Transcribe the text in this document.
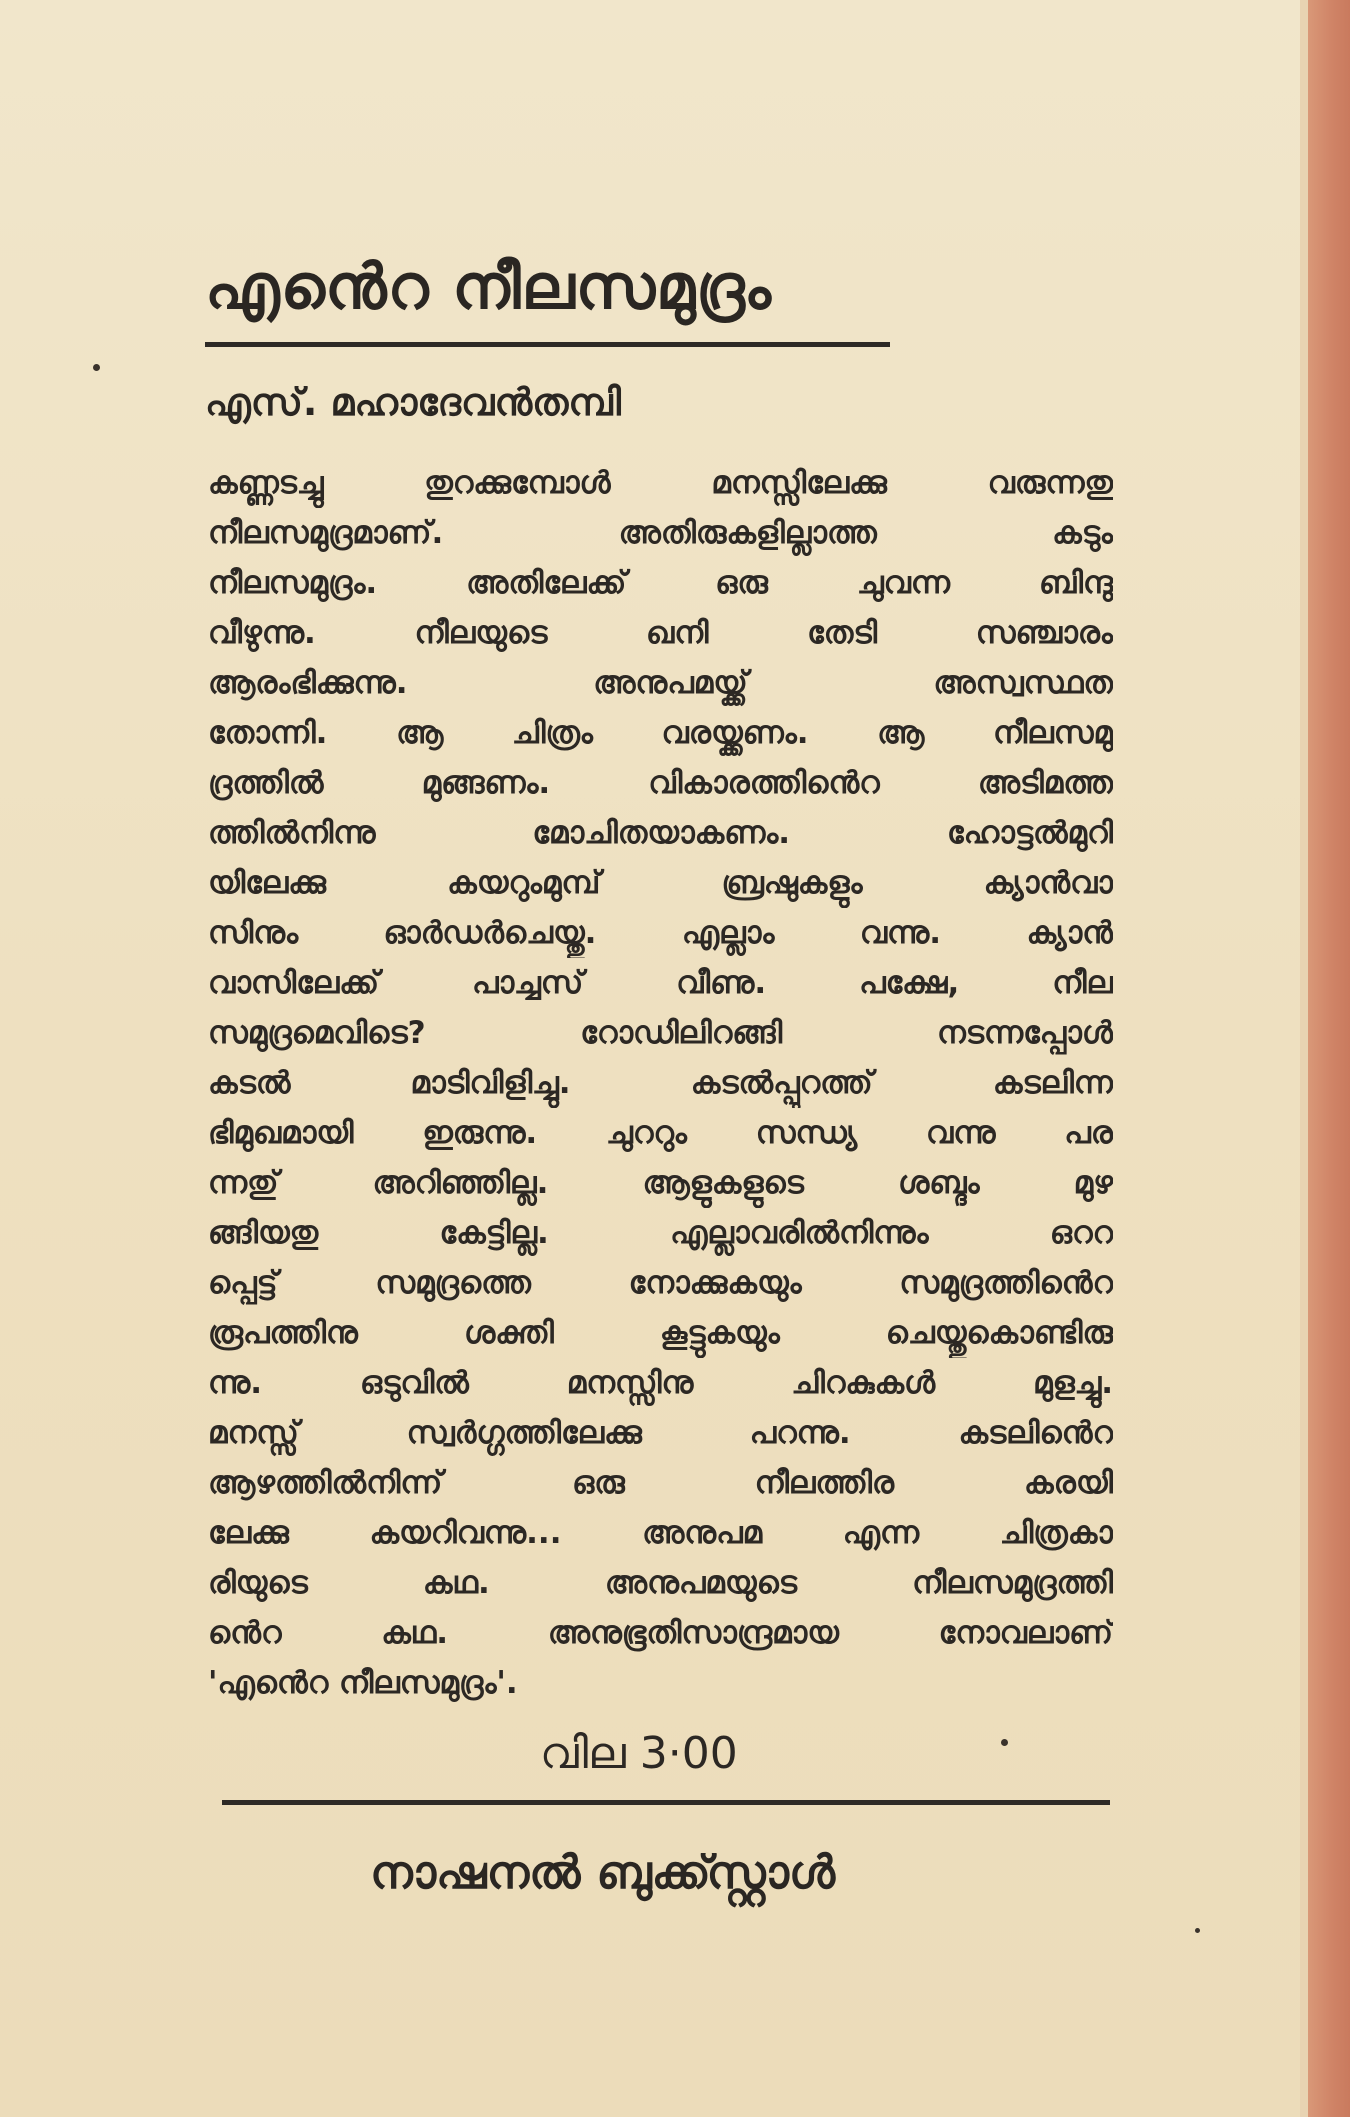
എൻെറ നീലസമുദ്രം
എസ്. മഹാദേവൻതമ്പി
കണ്ണടച്ചു തുറക്കുമ്പോൾ മനസ്സിലേക്കു വരുന്നതു
നീലസമുദ്രമാണ്. അതിരുകളില്ലാത്ത കടും
നീലസമുദ്രം. അതിലേക്ക് ഒരു ചുവന്ന ബിന്ദു
വീഴുന്നു. നീലയുടെ ഖനി തേടി സഞ്ചാരം
ആരംഭിക്കുന്നു. അനുപമയ്ക്ക് അസ്വസ്ഥത
തോന്നി. ആ ചിത്രം വരയ്ക്കണം. ആ നീലസമു
ദ്രത്തിൽ മുങ്ങണം. വികാരത്തിൻെറ അടിമത്ത
ത്തിൽനിന്നു മോചിതയാകണം. ഹോട്ടൽമുറി
യിലേക്കു കയറുംമുമ്പ് ബ്രഷുകളും ക്യാൻവാ
സിനും ഓർഡർചെയ്തു. എല്ലാം വന്നു. ക്യാൻ
വാസിലേക്ക് പാച്ചസ് വീണു. പക്ഷേ, നീല
സമുദ്രമെവിടെ? റോഡിലിറങ്ങി നടന്നപ്പോൾ
കടൽ മാടിവിളിച്ചു. കടൽപ്പുറത്ത് കടലിന്ന
ഭിമുഖമായി ഇരുന്നു. ചുററും സന്ധ്യ വന്നു പര
ന്നതു് അറിഞ്ഞില്ല. ആളുകളുടെ ശബ്ദം മുഴ
ങ്ങിയതു കേട്ടില്ല. എല്ലാവരിൽനിന്നും ഒററ
പ്പെട്ട് സമുദ്രത്തെ നോക്കുകയും സമുദ്രത്തിൻെറ
രൂപത്തിനു ശക്തി കൂട്ടുകയും ചെയ്തുകൊണ്ടിരു
ന്നു. ഒടുവിൽ മനസ്സിനു ചിറകുകൾ മുളച്ചു.
മനസ്സ് സ്വർഗ്ഗത്തിലേക്കു പറന്നു. കടലിൻെറ
ആഴത്തിൽനിന്ന് ഒരു നീലത്തിര കരയി
ലേക്കു കയറിവന്നു... അനുപമ എന്ന ചിത്രകാ
രിയുടെ കഥ. അനുപമയുടെ നീലസമുദ്രത്തി
ൻെറ കഥ. അനുഭൂതിസാന്ദ്രമായ നോവലാണ്
'എൻെറ നീലസമുദ്രം'.
വില 3·00
നാഷനൽ ബുക്ക്സ്റ്റാൾ
